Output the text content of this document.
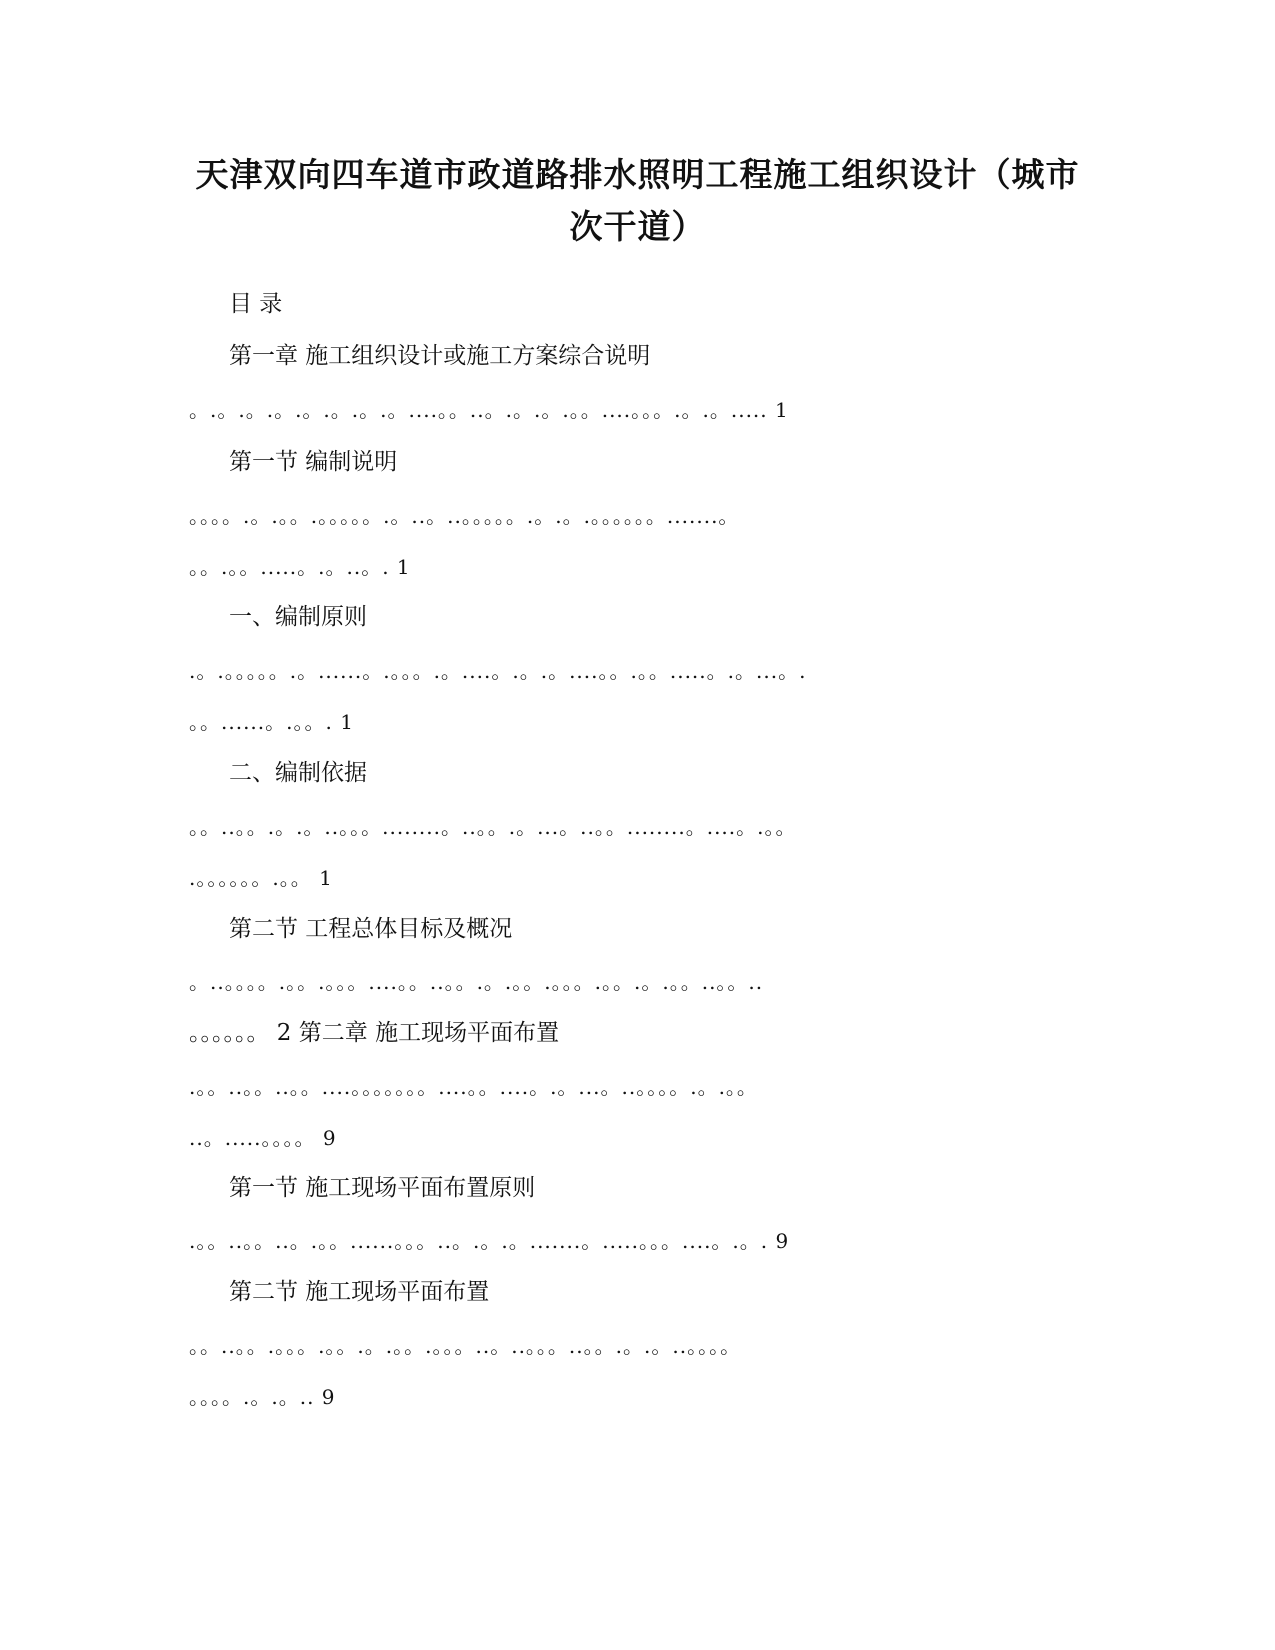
天津双向四车道市政道路排水照明工程施工组织设计（城市
次干道）
目 录
第一章 施工组织设计或施工方案综合说明
。.。.。.。.。.。.。.。....。。..。.。.。.。。....。。。.。.。..... 1
第一节 编制说明
。。。。.。.。。.。。。。。.。..。..。。。。。.。.。.。。。。。。.......。
。。.。。.....。.。..。. 1
一、编制原则
.。.。。。。。.。......。.。。。.。....。.。.。....。。.。。.....。.。...。.
。。......。.。。. 1
二、编制依据
。。..。。.。.。..。。。........。..。。.。...。..。。........。....。.。。
.。。。。。。.。。 1
第二节 工程总体目标及概况
。..。。。。.。。.。。。....。。..。。.。.。。.。。。.。。.。.。。..。。..
。。。。。。 2 第二章 施工现场平面布置
.。。..。。..。。....。。。。。。。....。。....。.。...。..。。。。.。.。。
..。.....。。。。 9
第一节 施工现场平面布置原则
.。。..。。..。.。。......。。。..。.。.。.......。.....。。。....。.。. 9
第二节 施工现场平面布置
。。..。。.。。。.。。.。.。。.。。。..。..。。。..。。.。.。..。。。。
。。。。.。.。.. 9
